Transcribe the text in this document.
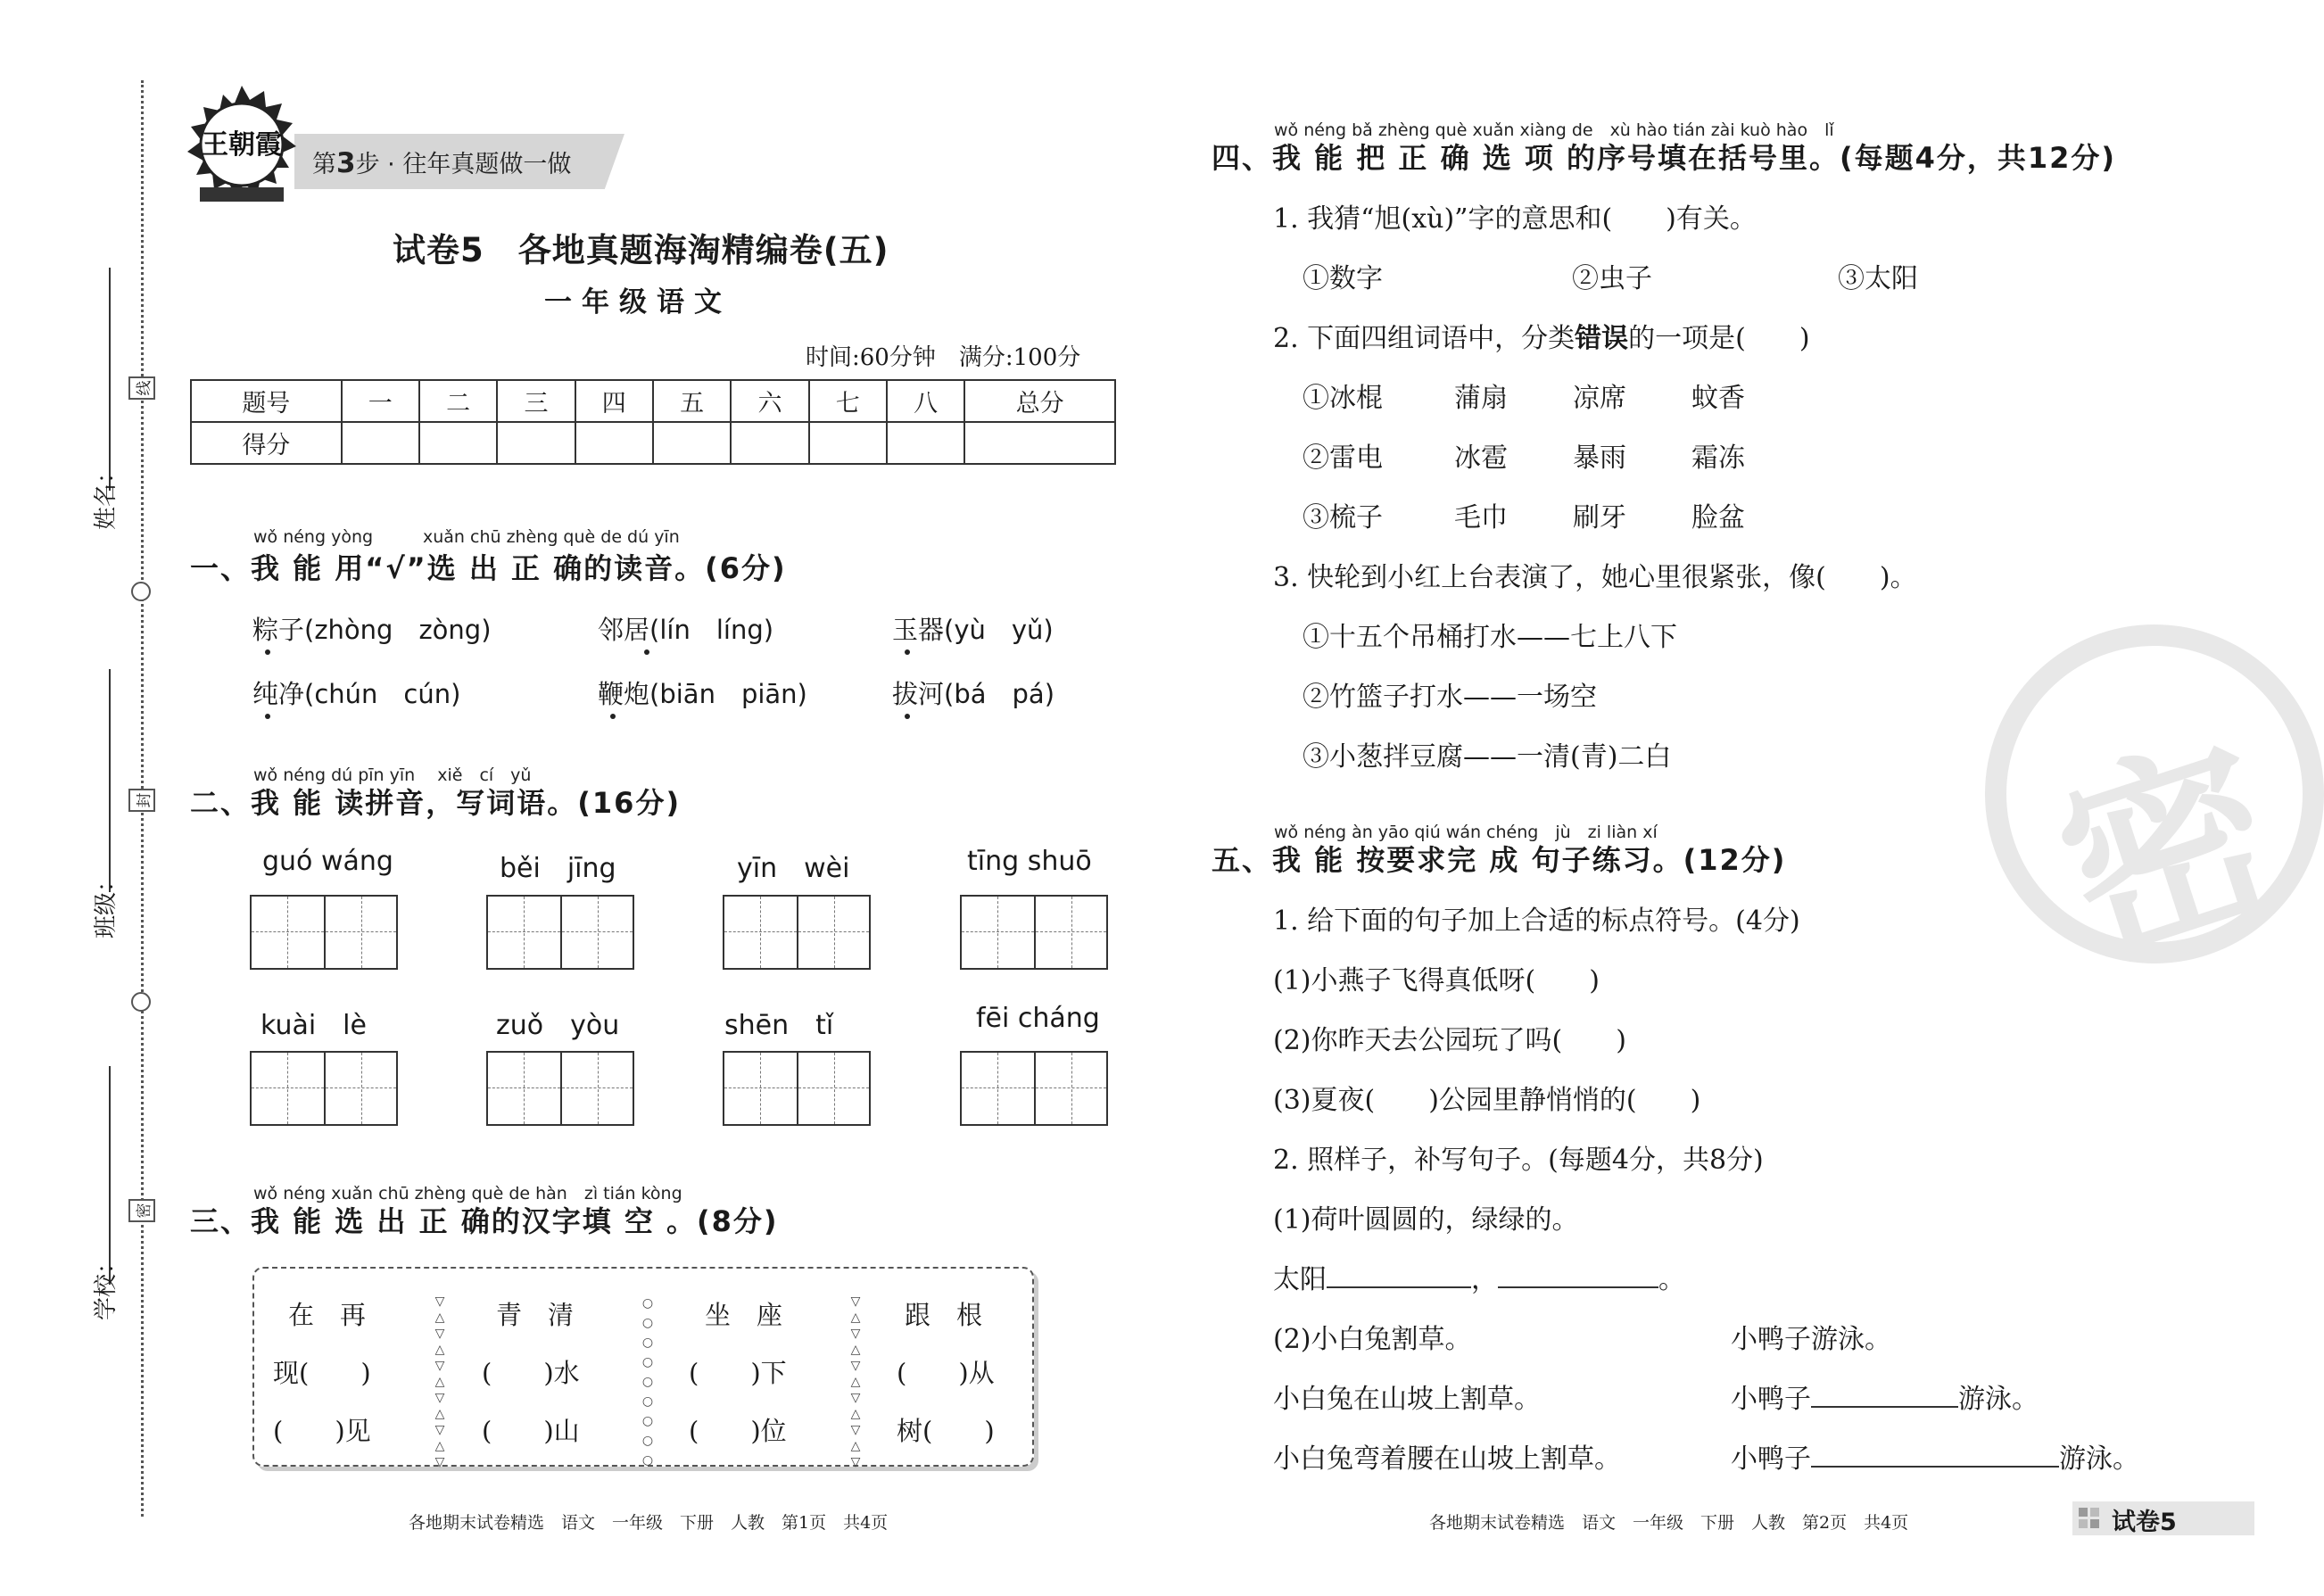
线
封
密
姓名：
班级：
学校：
王朝霞
第3步 · 往年真题做一做
试卷5　各地真题海淘精编卷(五)
一年级语文
时间:60分钟　满分:100分
题号	一	二	三	四	五	六	七	八	总分
得分									
wǒ néng yòng	xuǎn chū zhèng què de dú yīn
一、我 能 用“√”选 出 正 确的读音。(6分)
粽子(zhòng　zòng)	邻居(lín　líng)	玉器(yù　yǔ)
纯净(chún　cún)	鞭炮(biān　piān)	拔河(bá　pá)
wǒ néng dú pīn yīn　 xiě　cí　yǔ
二、我 能 读拼音，写词语。(16分)
guó wáng	běi　jīng	yīn　wèi	tīng shuō
kuài　lè	zuǒ　yòu	shēn　tǐ	fēi cháng
wǒ néng xuǎn chū zhèng què de hàn　zì tián kòng
三、我 能 选 出 正 确的汉字填 空 。(8分)
在　再
现(　　)
(　　)见
▽
△
▽
△
▽
△
▽
△
▽
△
▽
青　清
(　　)水
(　　)山
○
○
○
○
○
○
○
○
○
坐　座
(　　)下
(　　)位
▽
△
▽
△
▽
△
▽
△
▽
△
▽
跟　根
(　　)从
树(　　)
各地期末试卷精选　语文　一年级　下册　人教　第1页　共4页
wǒ néng bǎ zhèng què xuǎn xiàng de　xù hào tián zài kuò hào　lǐ
四、我 能 把 正 确 选 项 的序号填在括号里。(每题4分，共12分)
1. 我猜“旭(xù)”字的意思和(　　)有关。
①数字	②虫子	③太阳
2. 下面四组词语中，分类错误的一项是(　　)
①冰棍	蒲扇 凉席 蚊香
②雷电	冰雹 暴雨 霜冻
③梳子	毛巾 刷牙 脸盆
3. 快轮到小红上台表演了，她心里很紧张，像(　　)。
①十五个吊桶打水——七上八下
②竹篮子打水——一场空
③小葱拌豆腐——一清(青)二白
wǒ néng àn yāo qiú wán chéng　jù　zi liàn xí
五、我 能 按要求完 成 句子练习。(12分)
1. 给下面的句子加上合适的标点符号。(4分)
(1)小燕子飞得真低呀(　　)
(2)你昨天去公园玩了吗(　　)
(3)夏夜(　　)公园里静悄悄的(　　)
2. 照样子，补写句子。(每题4分，共8分)
(1)荷叶圆圆的，绿绿的。
太阳	，	。
(2)小白兔割草。	小鸭子游泳。
小白兔在山坡上割草。	小鸭子	游泳。
小白兔弯着腰在山坡上割草。	小鸭子	游泳。
各地期末试卷精选　语文　一年级　下册　人教　第2页　共4页
密
试卷5
